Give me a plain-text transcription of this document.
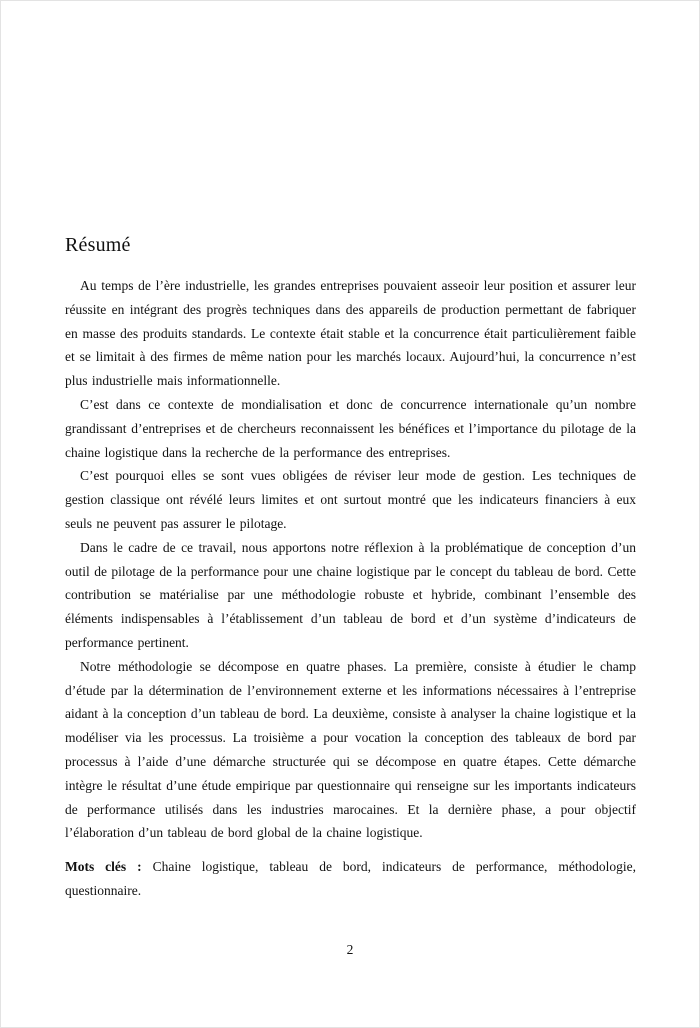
Résumé

Au temps de l’ère industrielle, les grandes entreprises pouvaient asseoir leur position et assurer leur réussite en intégrant des progrès techniques dans des appareils de production permettant de fabriquer en masse des produits standards. Le contexte était stable et la concurrence était particulièrement faible et se limitait à des firmes de même nation pour les marchés locaux. Aujourd’hui, la concurrence n’est plus industrielle mais informationnelle.

C’est dans ce contexte de mondialisation et donc de concurrence internationale qu’un nombre grandissant d’entreprises et de chercheurs reconnaissent les bénéfices et l’importance du pilotage de la chaine logistique dans la recherche de la performance des entreprises.

C’est pourquoi elles se sont vues obligées de réviser leur mode de gestion. Les techniques de gestion classique ont révélé leurs limites et ont surtout montré que les indicateurs financiers à eux seuls ne peuvent pas assurer le pilotage.

Dans le cadre de ce travail, nous apportons notre réflexion à la problématique de conception d’un outil de pilotage de la performance pour une chaine logistique par le concept du tableau de bord. Cette contribution se matérialise par une méthodologie robuste et hybride, combinant l’ensemble des éléments indispensables à l’établissement d’un tableau de bord et d’un système d’indicateurs de performance pertinent.

Notre méthodologie se décompose en quatre phases. La première, consiste à étudier le champ d’étude par la détermination de l’environnement externe et les informations nécessaires à l’entreprise aidant à la conception d’un tableau de bord. La deuxième, consiste à analyser la chaine logistique et la modéliser via les processus. La troisième a pour vocation la conception des tableaux de bord par processus à l’aide d’une démarche structurée qui se décompose en quatre étapes. Cette démarche intègre le résultat d’une étude empirique par questionnaire qui renseigne sur les importants indicateurs de performance utilisés dans les industries marocaines. Et la dernière phase, a pour objectif l’élaboration d’un tableau de bord global de la chaine logistique.

Mots clés : Chaine logistique, tableau de bord, indicateurs de performance, méthodologie, questionnaire.

2
